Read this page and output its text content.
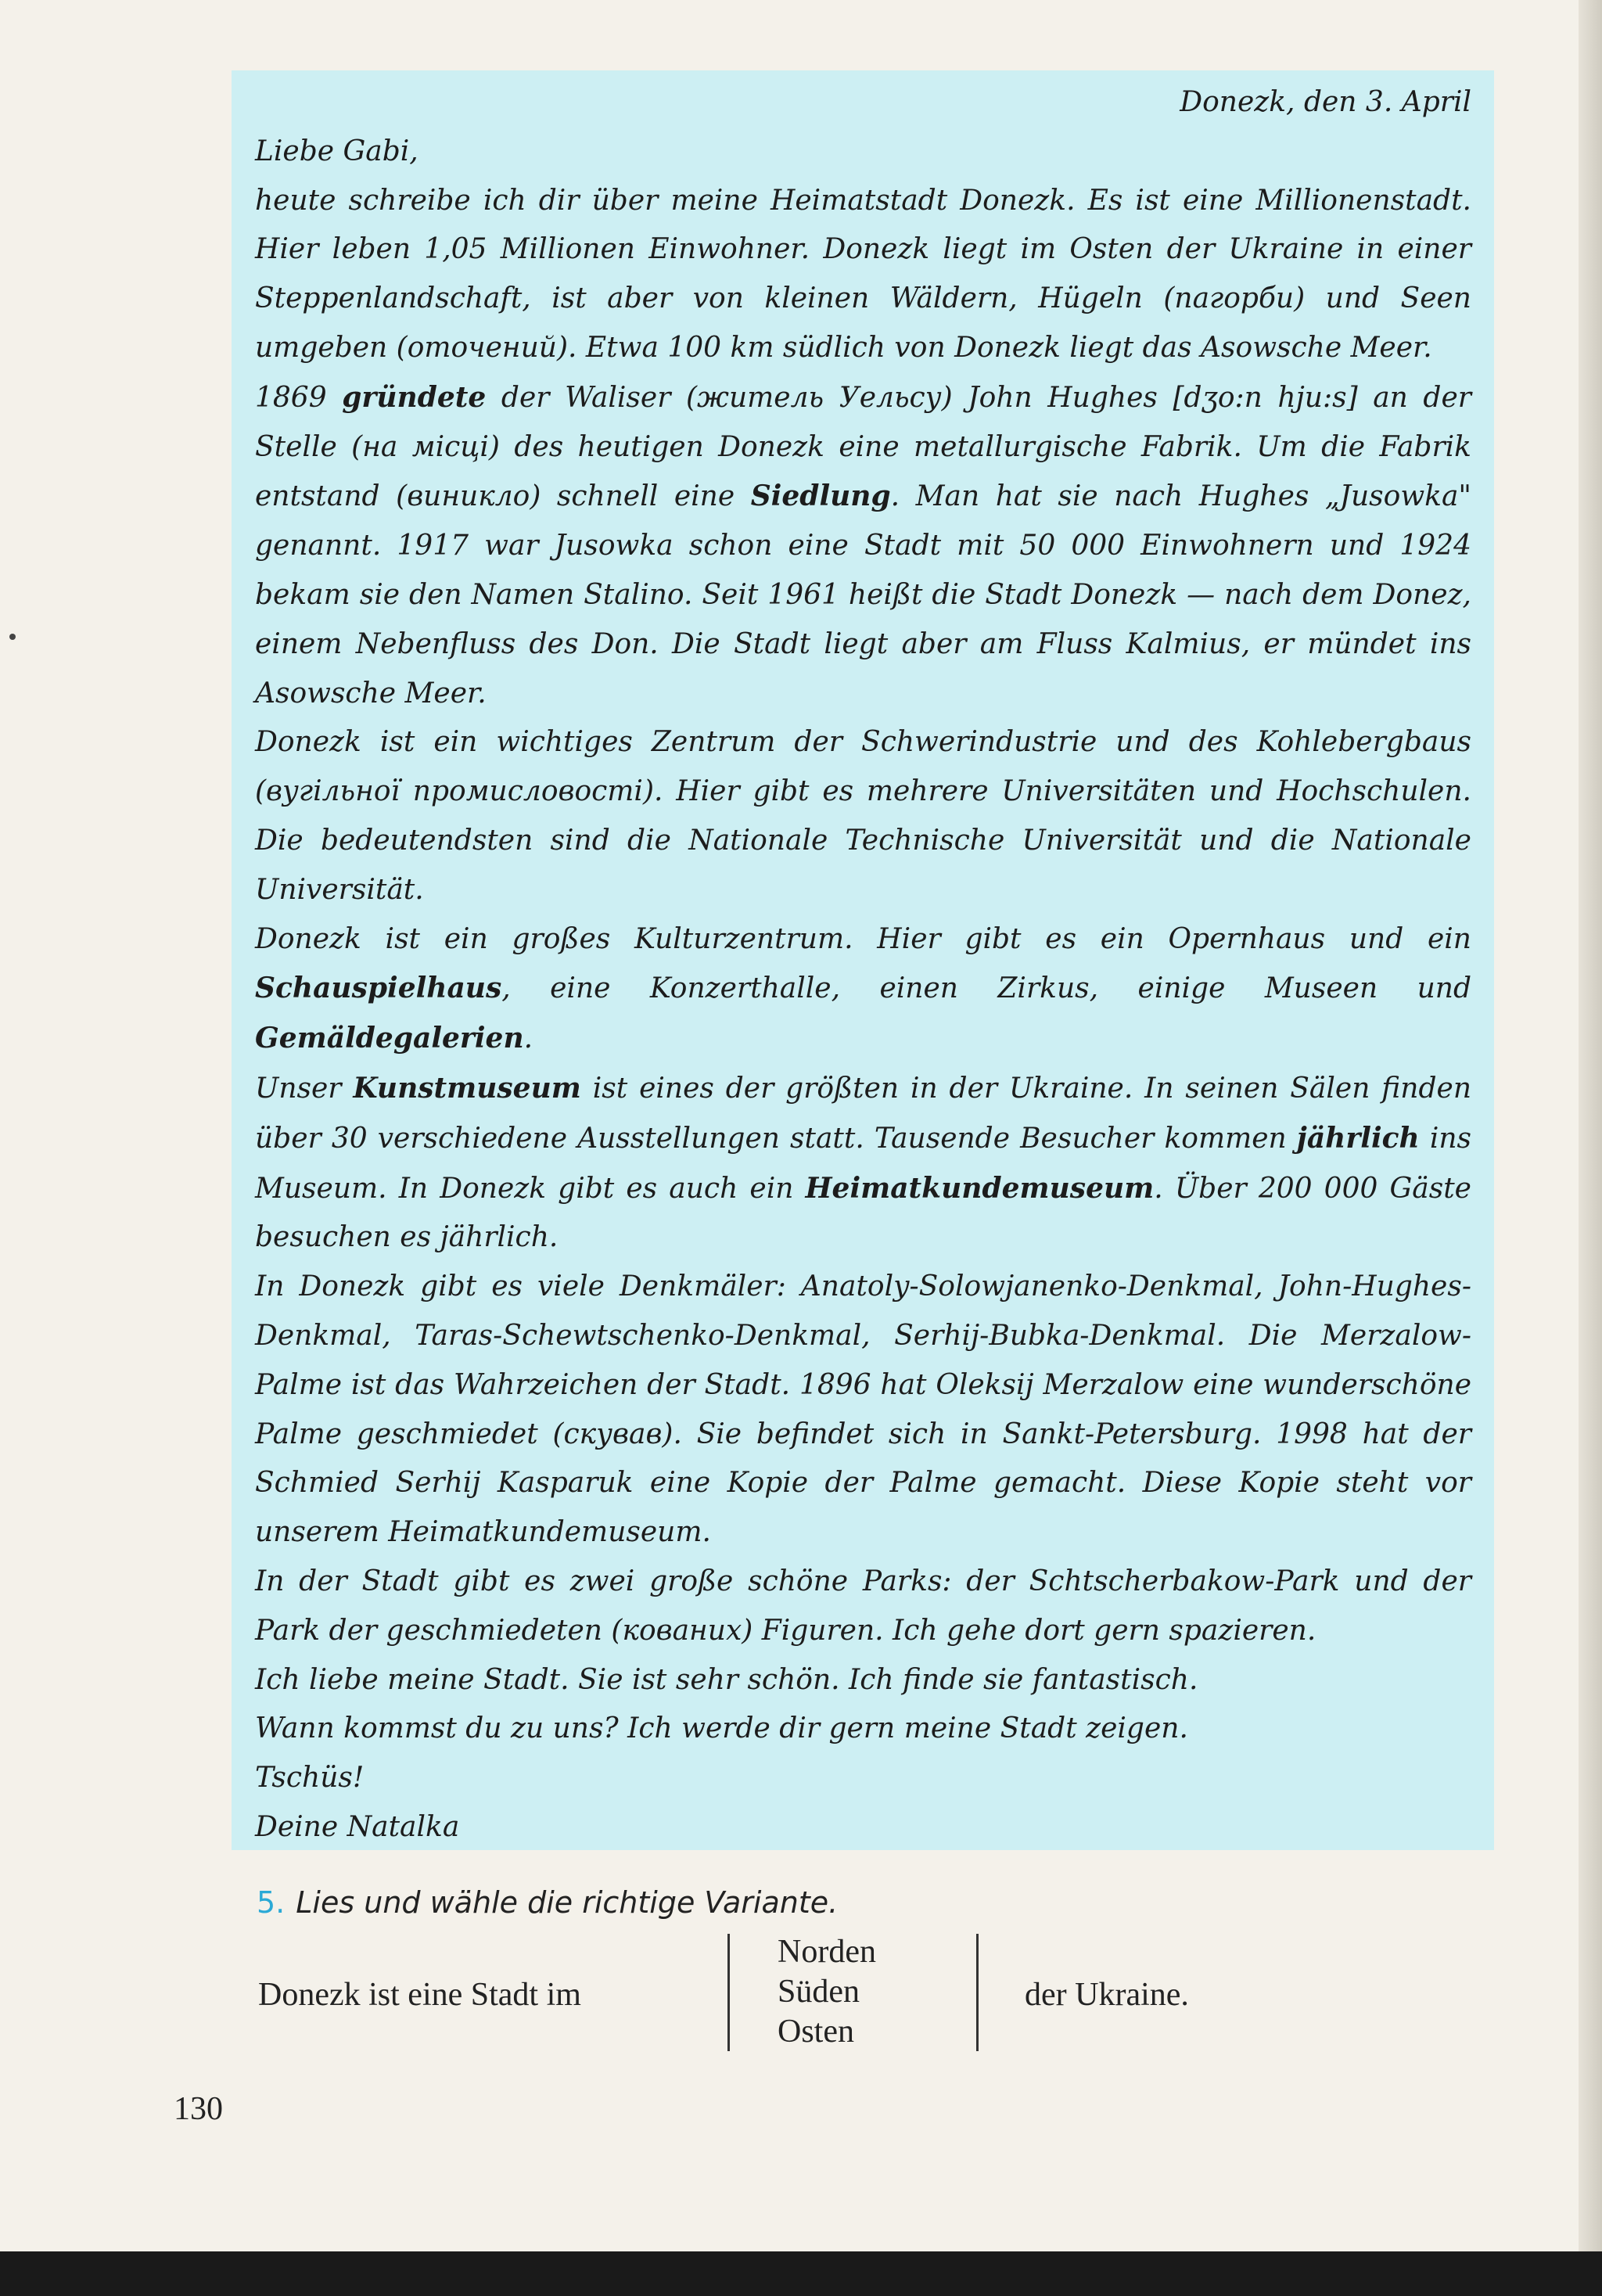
Donezk, den 3. April

Liebe Gabi,

heute schreibe ich dir über meine Heimatstadt Donezk. Es ist eine Millionenstadt. Hier leben 1,05 Millionen Einwohner. Donezk liegt im Osten der Ukraine in einer Steppenlandschaft, ist aber von kleinen Wäldern, Hügeln (пагорби) und Seen umgeben (оточений). Etwa 100 km südlich von Donezk liegt das Asowsche Meer.

1869 gründete der Waliser (житель Уельсу) John Hughes [dʒo:n hju:s] an der Stelle (на місці) des heutigen Donezk eine metallurgische Fabrik. Um die Fabrik entstand (виникло) schnell eine Siedlung. Man hat sie nach Hughes „Jusowka" genannt. 1917 war Jusowka schon eine Stadt mit 50 000 Einwohnern und 1924 bekam sie den Namen Stalino. Seit 1961 heißt die Stadt Donezk — nach dem Donez, einem Nebenfluss des Don. Die Stadt liegt aber am Fluss Kalmius, er mündet ins Asowsche Meer.

Donezk ist ein wichtiges Zentrum der Schwerindustrie und des Kohlebergbaus (вугільної промисловості). Hier gibt es mehrere Universitäten und Hochschulen. Die bedeutendsten sind die Nationale Technische Universität und die Nationale Universität.

Donezk ist ein großes Kulturzentrum. Hier gibt es ein Opernhaus und ein Schauspielhaus, eine Konzerthalle, einen Zirkus, einige Museen und Gemäldegalerien.

Unser Kunstmuseum ist eines der größten in der Ukraine. In seinen Sälen finden über 30 verschiedene Ausstellungen statt. Tausende Besucher kommen jährlich ins Museum. In Donezk gibt es auch ein Heimatkundemuseum. Über 200 000 Gäste besuchen es jährlich.

In Donezk gibt es viele Denkmäler: Anatoly-Solowjanenko-Denkmal, John-Hughes-Denkmal, Taras-Schewtschenko-Denkmal, Serhij-Bubka-Denkmal. Die Merzalow-Palme ist das Wahrzeichen der Stadt. 1896 hat Oleksij Merzalow eine wunderschöne Palme geschmiedet (скував). Sie befindet sich in Sankt-Petersburg. 1998 hat der Schmied Serhij Kasparuk eine Kopie der Palme gemacht. Diese Kopie steht vor unserem Heimatkundemuseum.

In der Stadt gibt es zwei große schöne Parks: der Schtscherbakow-Park und der Park der geschmiedeten (кованих) Figuren. Ich gehe dort gern spazieren.

Ich liebe meine Stadt. Sie ist sehr schön. Ich finde sie fantastisch.

Wann kommst du zu uns? Ich werde dir gern meine Stadt zeigen.

Tschüs!

Deine Natalka

5. Lies und wähle die richtige Variante.
Donezk ist eine Stadt im
Norden
Süden
Osten
der Ukraine.
130
